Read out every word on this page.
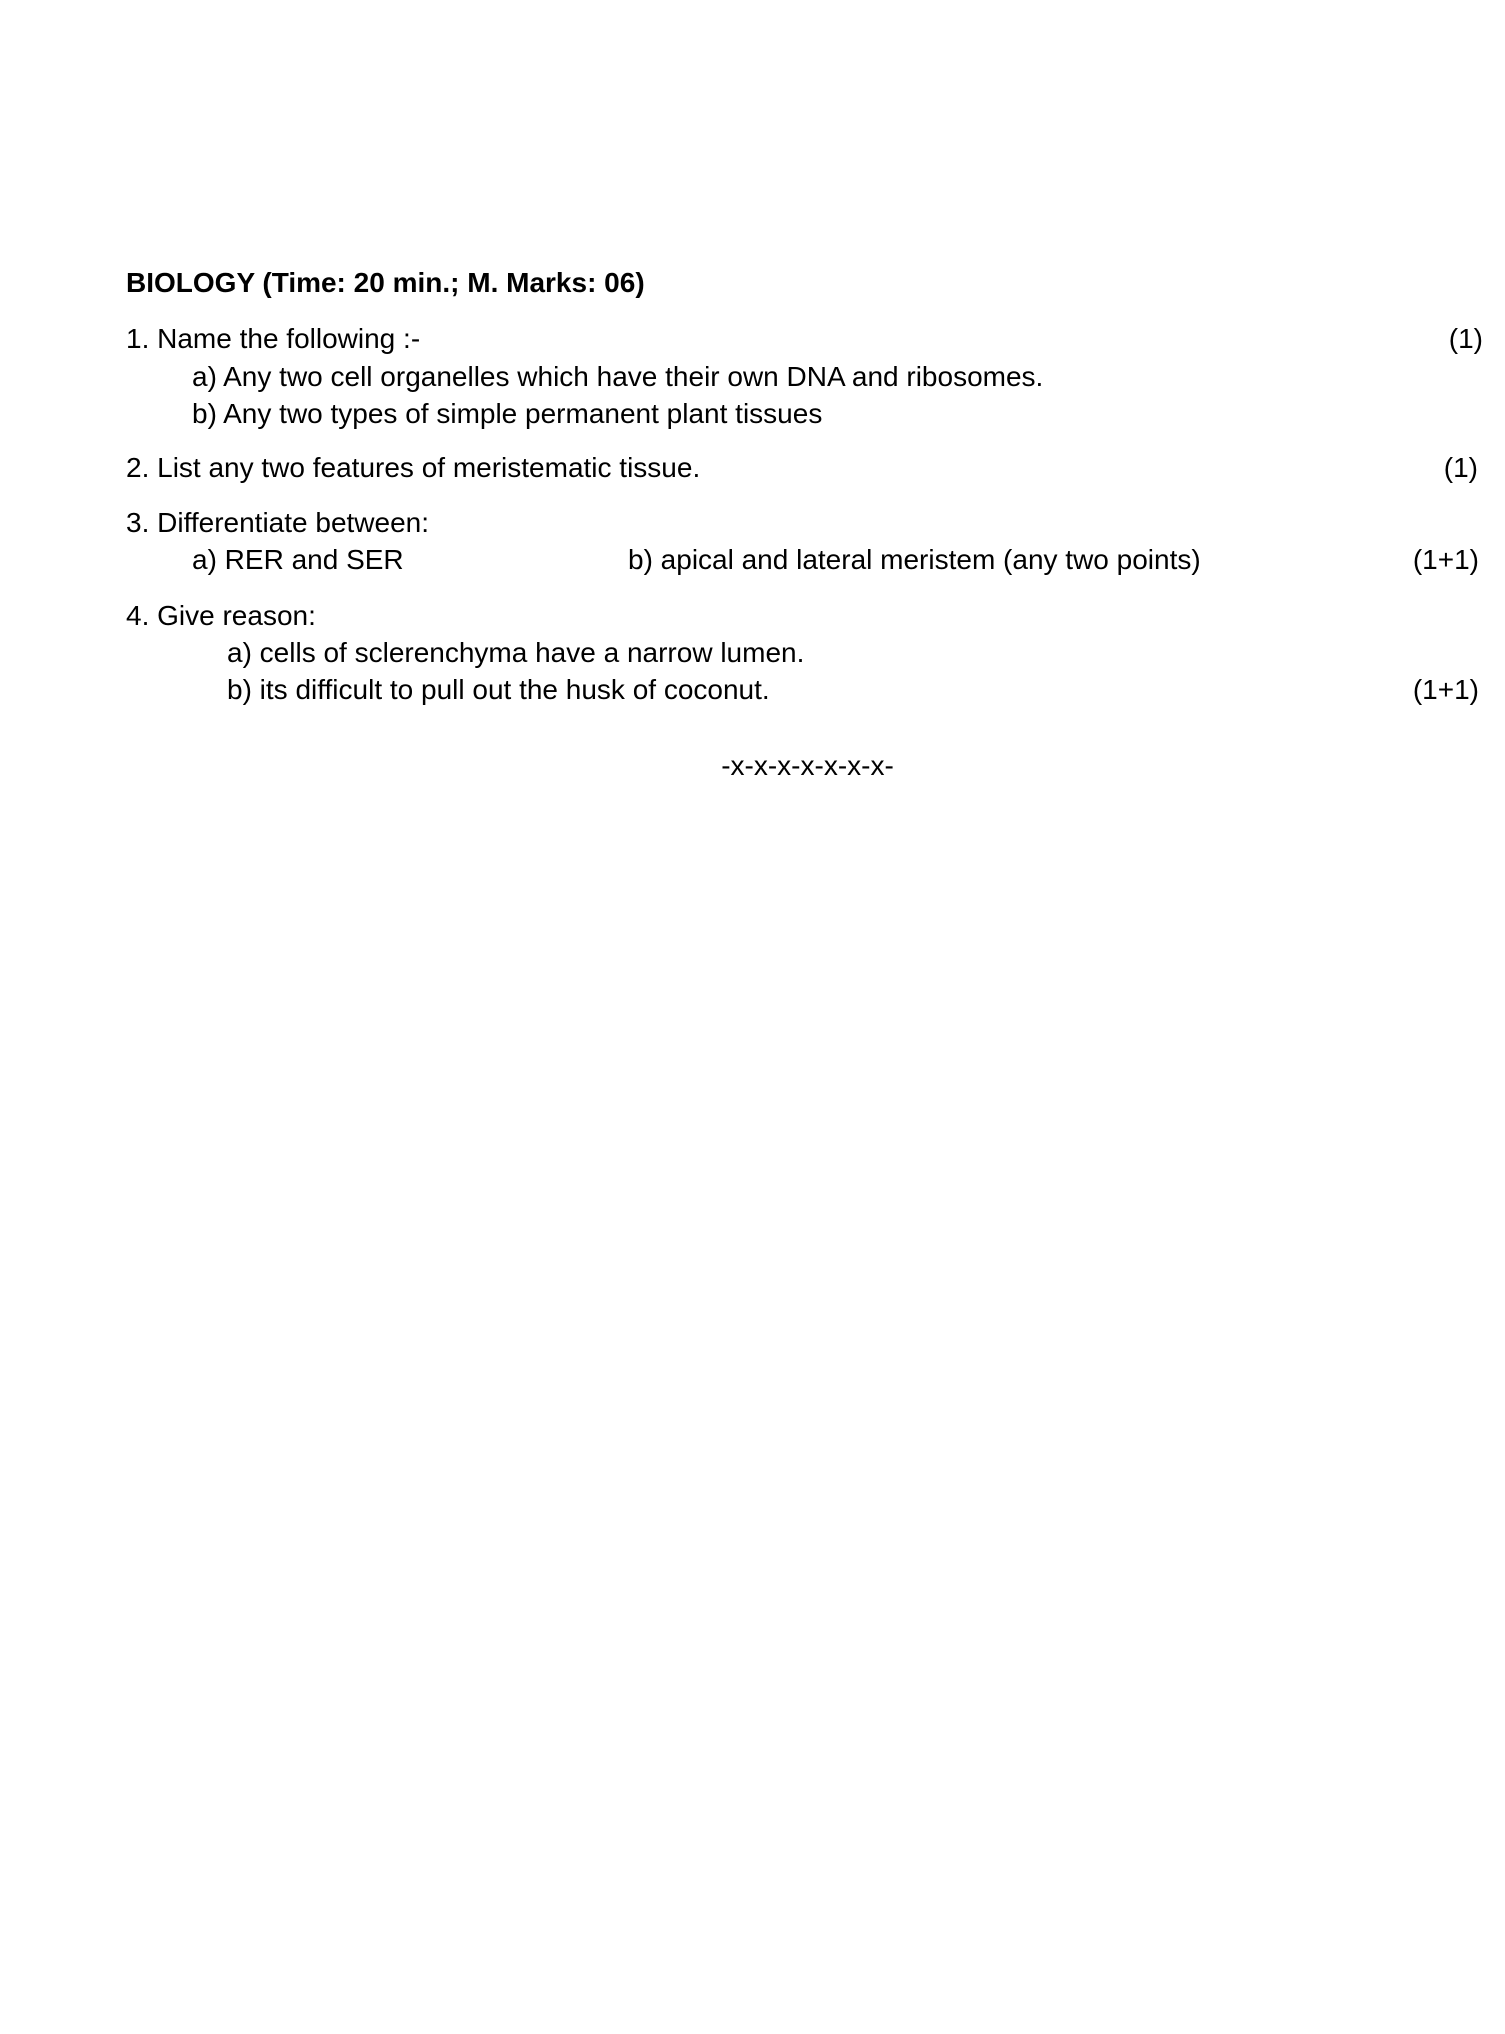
BIOLOGY (Time: 20 min.; M. Marks: 06)
1. Name the following :-	(1)
a) Any two cell organelles which have their own DNA and ribosomes.
b) Any two types of simple permanent plant tissues
2. List any two features of meristematic tissue.	(1)
3. Differentiate between:
a) RER and SER	b) apical and lateral meristem (any two points)	(1+1)
4. Give reason:
a) cells of sclerenchyma have a narrow lumen.
b) its difficult to pull out the husk of coconut.	(1+1)
-x-x-x-x-x-x-x-
